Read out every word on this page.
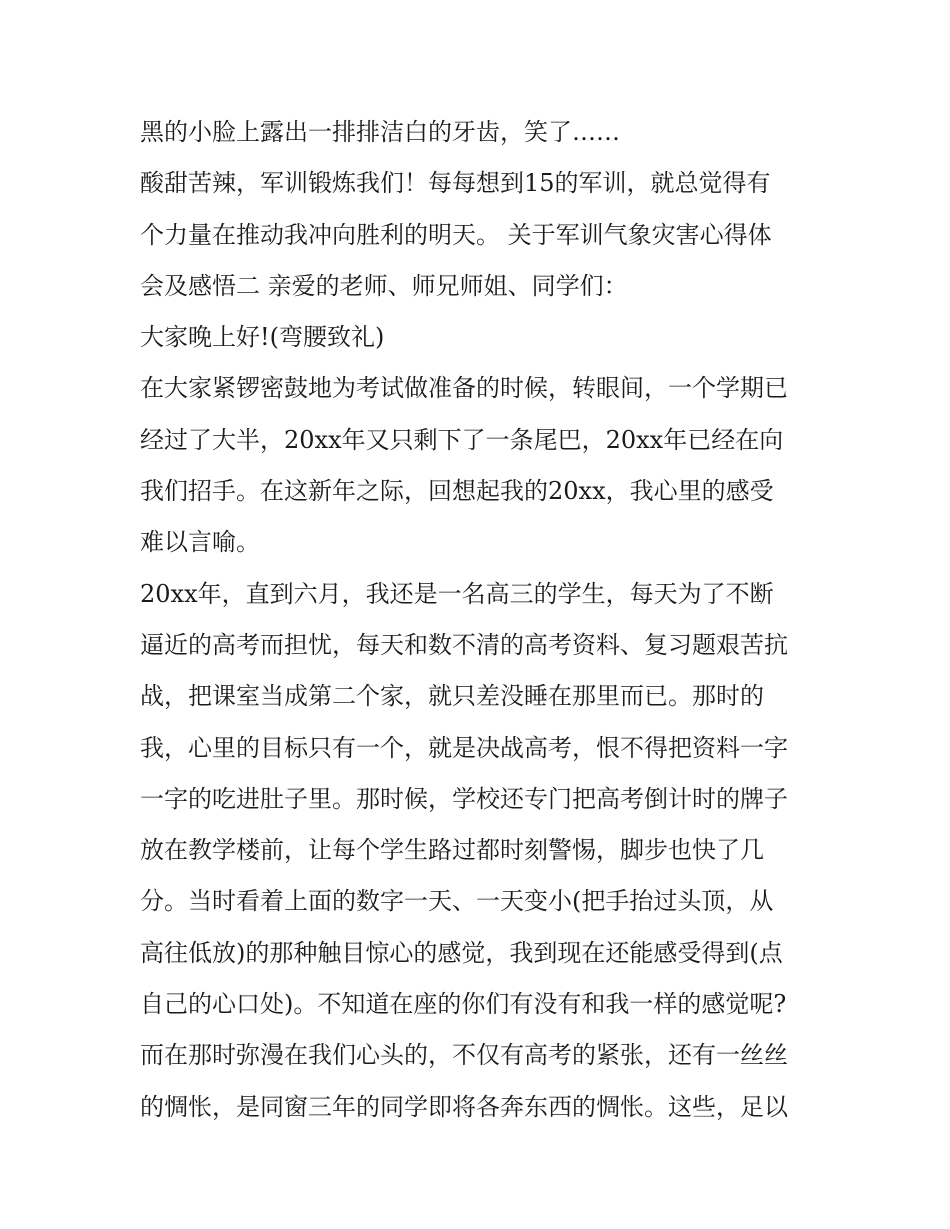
黑的小脸上露出一排排洁白的牙齿，笑了……
酸甜苦辣，军训锻炼我们！每每想到15的军训，就总觉得有
个力量在推动我冲向胜利的明天。 关于军训气象灾害心得体
会及感悟二 亲爱的老师、师兄师姐、同学们：
大家晚上好!(弯腰致礼)
在大家紧锣密鼓地为考试做准备的时候，转眼间，一个学期已
经过了大半，20xx年又只剩下了一条尾巴，20xx年已经在向
我们招手。在这新年之际，回想起我的20xx，我心里的感受
难以言喻。
20xx年，直到六月，我还是一名高三的学生，每天为了不断
逼近的高考而担忧，每天和数不清的高考资料、复习题艰苦抗
战，把课室当成第二个家，就只差没睡在那里而已。那时的
我，心里的目标只有一个，就是决战高考，恨不得把资料一字
一字的吃进肚子里。那时候，学校还专门把高考倒计时的牌子
放在教学楼前，让每个学生路过都时刻警惕，脚步也快了几
分。当时看着上面的数字一天、一天变小(把手抬过头顶，从
高往低放)的那种触目惊心的感觉，我到现在还能感受得到(点
自己的心口处)。不知道在座的你们有没有和我一样的感觉呢?
而在那时弥漫在我们心头的，不仅有高考的紧张，还有一丝丝
的惆怅，是同窗三年的同学即将各奔东西的惆怅。这些，足以
